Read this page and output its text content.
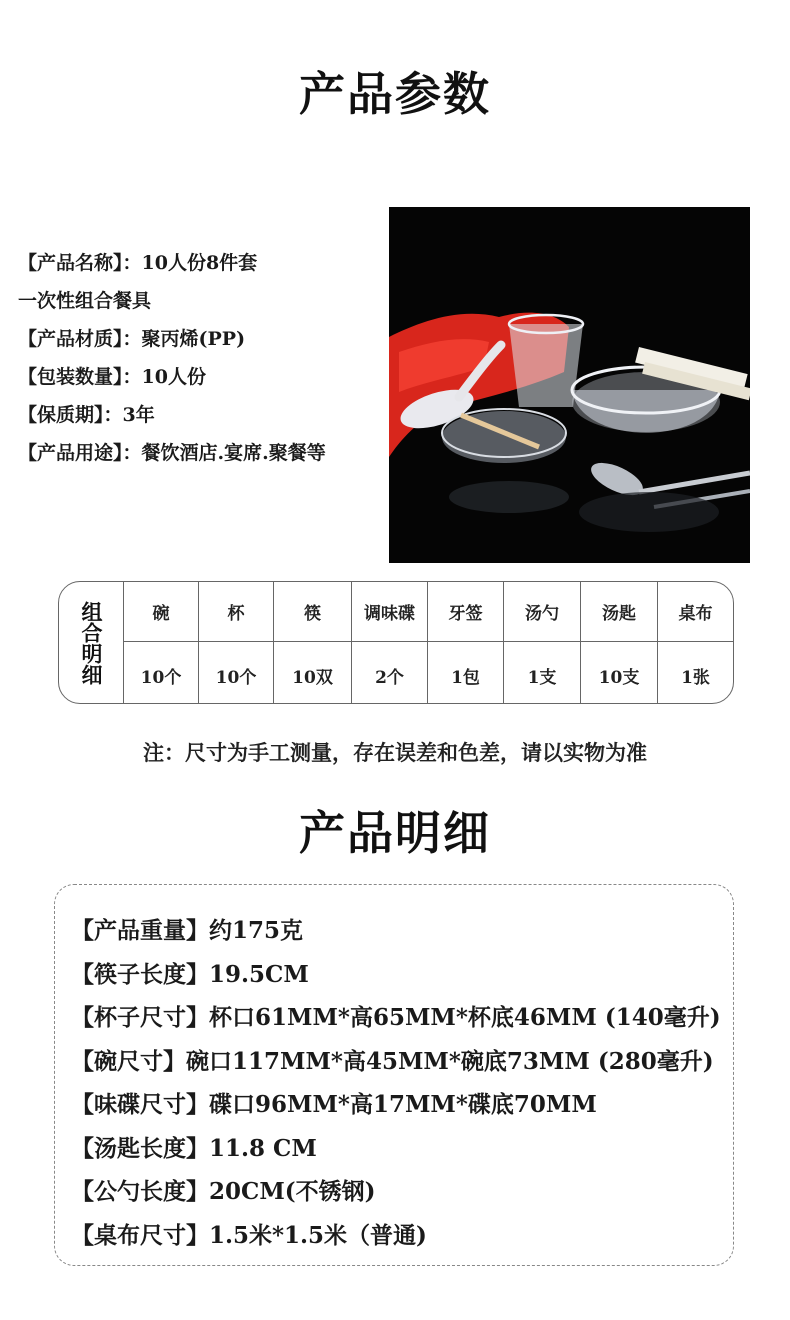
产品参数
【产品名称】：10人份8件套
一次性组合餐具
【产品材质】：聚丙烯(PP)
【包装数量】：10人份
【保质期】：3年
【产品用途】：餐饮酒店.宴席.聚餐等
组合明细	碗	杯	筷	调味碟	牙签	汤勺	汤匙	桌布
10个	10个	10双	2个	1包	1支	10支	1张
注：尺寸为手工测量，存在误差和色差，请以实物为准
产品明细
【产品重量】约175克
【筷子长度】19.5CM
【杯子尺寸】杯口61MM*高65MM*杯底46MM (140毫升)
【碗尺寸】碗口117MM*高45MM*碗底73MM (280毫升)
【味碟尺寸】碟口96MM*高17MM*碟底70MM
【汤匙长度】11.8 CM
【公勺长度】20CM(不锈钢)
【桌布尺寸】1.5米*1.5米（普通)
